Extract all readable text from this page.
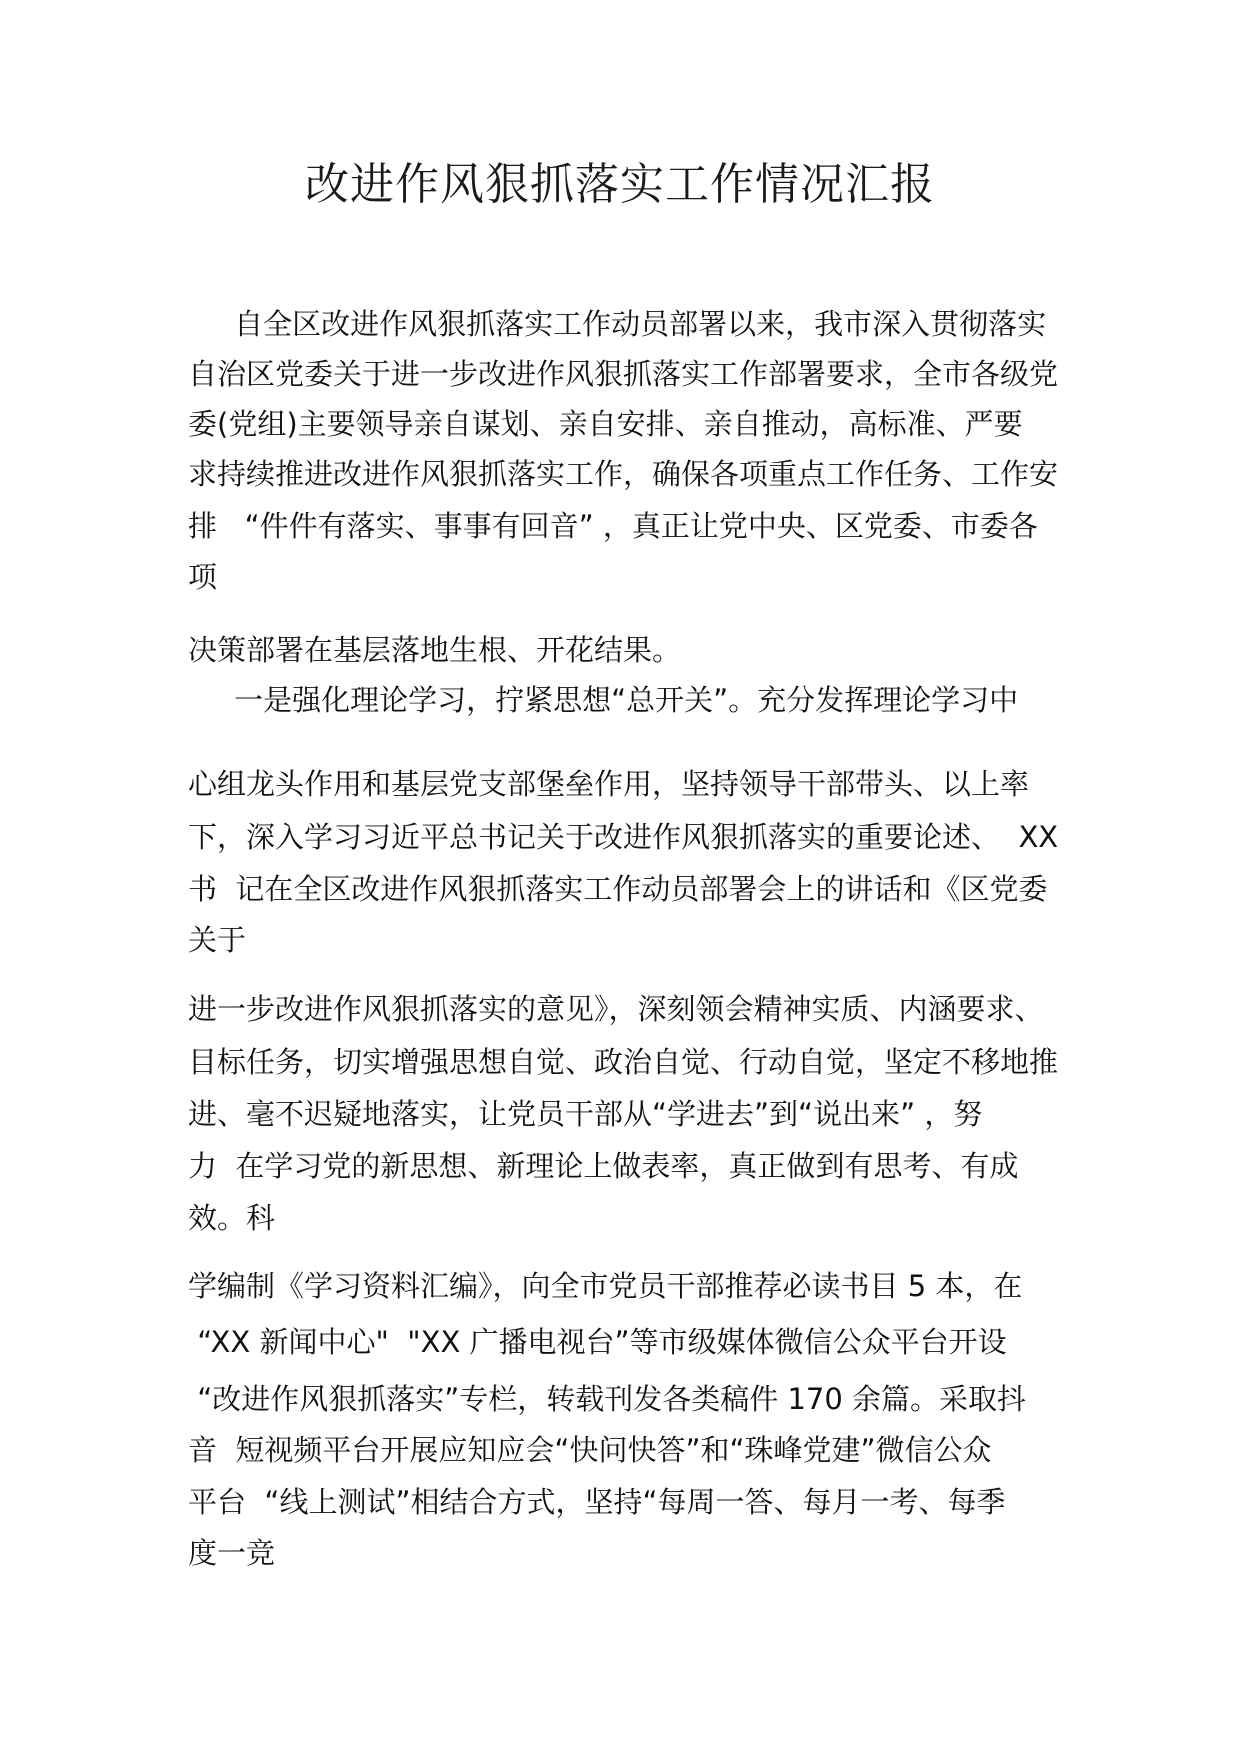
改进作风狠抓落实工作情况汇报
自全区改进作风狠抓落实工作动员部署以来，我市深入贯彻落实
自治区党委关于进一步改进作风狠抓落实工作部署要求，全市各级党
委(党组)主要领导亲自谋划、亲自安排、亲自推动，高标准、严要
求持续推进改进作风狠抓落实工作，确保各项重点工作任务、工作安
排   “件件有落实、事事有回音” ，真正让党中央、区党委、市委各
项
决策部署在基层落地生根、开花结果。
一是强化理论学习，拧紧思想“总开关”。充分发挥理论学习中
心组龙头作用和基层党支部堡垒作用，坚持领导干部带头、以上率
下，深入学习习近平总书记关于改进作风狠抓落实的重要论述、  XX
书  记在全区改进作风狠抓落实工作动员部署会上的讲话和《区党委
关于
进一步改进作风狠抓落实的意见》，深刻领会精神实质、内涵要求、
目标任务，切实增强思想自觉、政治自觉、行动自觉，坚定不移地推
进、毫不迟疑地落实，让党员干部从“学进去”到“说出来” ，努
力  在学习党的新思想、新理论上做表率，真正做到有思考、有成
效。科
学编制《学习资料汇编》，向全市党员干部推荐必读书目 5 本，在
“XX 新闻中心"  "XX 广播电视台”等市级媒体微信公众平台开设
“改进作风狠抓落实”专栏，转载刊发各类稿件 170 余篇。采取抖
音  短视频平台开展应知应会“快问快答”和“珠峰党建”微信公众
平台  “线上测试”相结合方式，坚持“每周一答、每月一考、每季
度一竞
